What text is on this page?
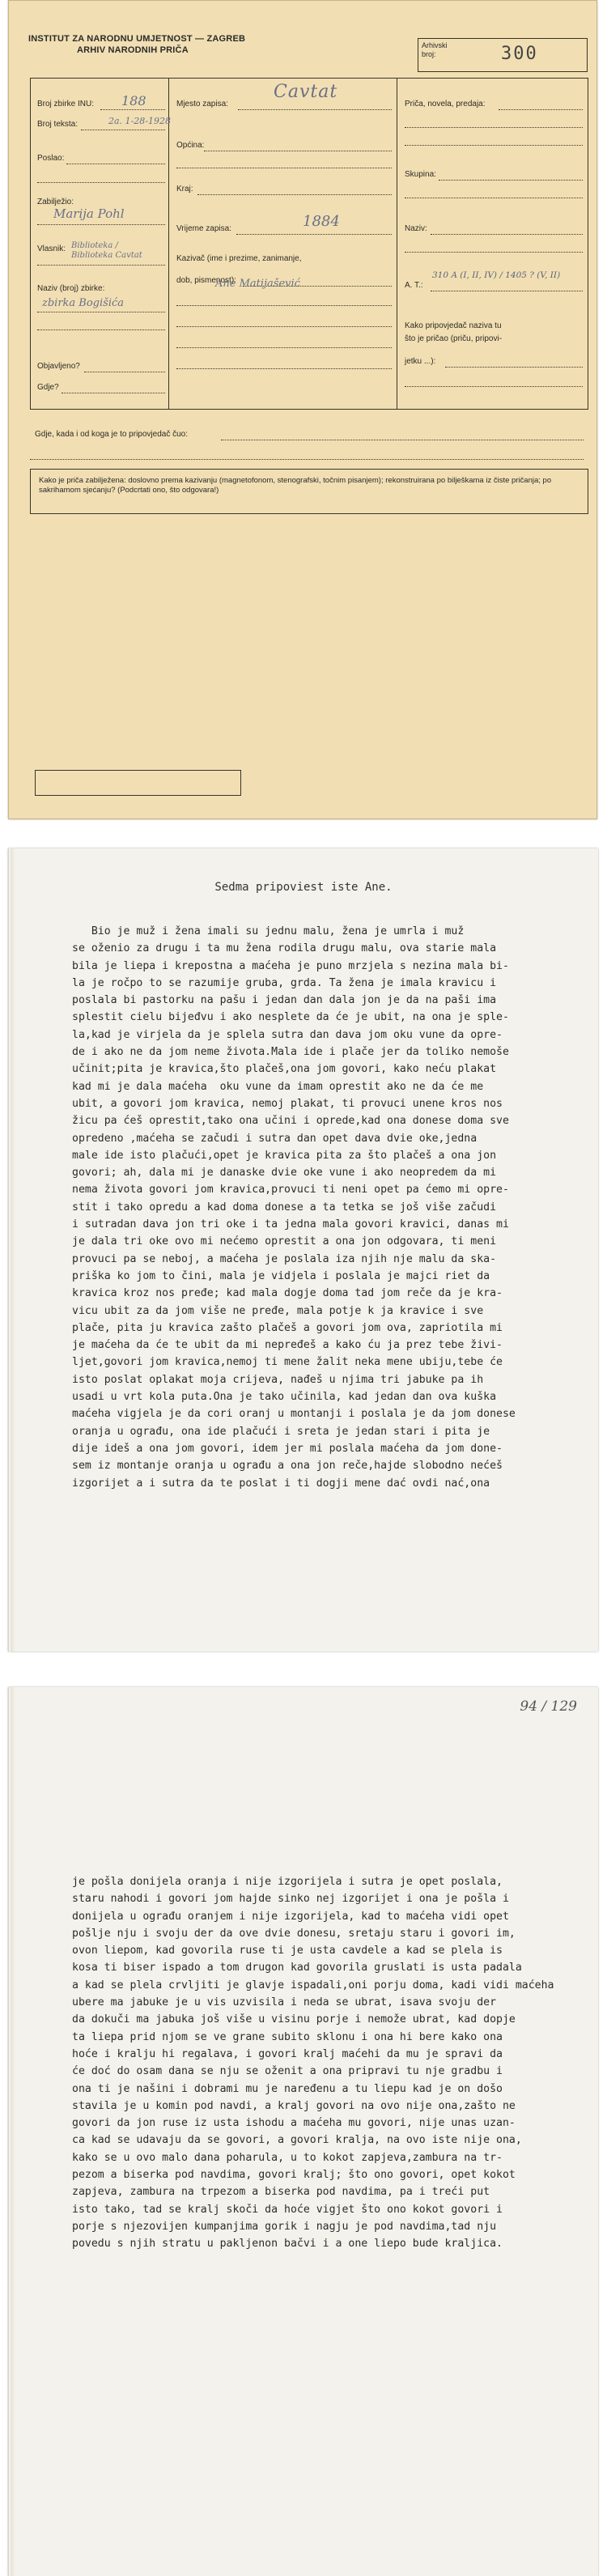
INSTITUT ZA NARODNU UMJETNOST — ZAGREB
ARHIV NARODNIH PRIČA	Arhivski
broj:	300
Broj zbirke INU: 188
Broj teksta:	2a. 1-28-1928
Poslao:
Zabilježio:
Marija Pohl
Vlasnik: Biblioteka / Biblioteka Cavtat
Naziv (broj) zbirke:
zbirka Bogišića
Objavljeno?
Gdje?
Mjesto zapisa:
Cavtat
Općina:
Kraj:
Vrijeme zapisa:	1884
Kazivač (ime i prezime, zanimanje,
dob, pismenost):
Ane Matijašević
Priča, novela, predaja:
Skupina:
Naziv:
A. T.:
310 A (I, II, IV) / 1405 ? (V, II)
Kako pripovjedač naziva tu
što je pričao (priču, pripovi-
jetku ...):
Gdje, kada i od koga je to pripovjedač čuo:
Kako je priča zabilježena: doslovno prema kazivanju (magnetofonom, stenografski, točnim pisanjem); rekonstruirana po bilješkama iz čiste pričanja; po sakrihamom sjećanju? (Podcrtati ono, što odgovara!)
Sedma pripoviest iste Ane.
Bio je muž i žena imali su jednu malu, žena je umrla i muž
se oženio za drugu i ta mu žena rodila drugu malu, ova starie mala
bila je liepa i krepostna a maćeha je puno mrzjela s nezina mala bi-
la je ročpo to se razumije gruba, grda. Ta žena je imala kravicu i
poslala bi pastorku na pašu i jedan dan dala jon je da na paši ima
splestit cielu bijeđvu i ako nesplete da će je ubit, na ona je sple-
la,kad je virjela da je splela sutra dan dava jom oku vune da opre-
de i ako ne da jom neme života.Mala ide i plače jer da toliko nemoše
učinit;pita je kravica,što plačeš,ona jom govori, kako neću plakat
kad mi je dala maćeha  oku vune da imam oprestit ako ne da će me
ubit, a govori jom kravica, nemoj plakat, ti provuci unene kros nos
žicu pa ćeš oprestit,tako ona učini i oprede,kad ona donese doma sve
opredeno ,maćeha se začudi i sutra dan opet dava dvie oke,jedna
male ide isto plačući,opet je kravica pita za što plačeš a ona jon
govori; ah, dala mi je danaske dvie oke vune i ako neopredem da mi
nema života govori jom kravica,provuci ti neni opet pa ćemo mi opre-
stit i tako opredu a kad doma donese a ta tetka se još više začudi
i sutradan dava jon tri oke i ta jedna mala govori kravici, danas mi
je dala tri oke ovo mi nećemo oprestit a ona jon odgovara, ti meni
provuci pa se neboj, a maćeha je poslala iza njih nje malu da ska-
priška ko jom to čini, mala je vidjela i poslala je majci riet da
kravica kroz nos pređe; kad mala dogje doma tad jom reče da je kra-
vicu ubit za da jom više ne pređe, mala potje k ja kravice i sve
plače, pita ju kravica zašto plačeš a govori jom ova, zapriotila mi
je maćeha da će te ubit da mi nepređeš a kako ću ja prez tebe živi-
ljet,govori jom kravica,nemoj ti mene žalit neka mene ubiju,tebe će
isto poslat oplakat moja crijeva, nađeš u njima tri jabuke pa ih
usadi u vrt kola puta.Ona je tako učinila, kad jedan dan ova kuška
maćeha vigjela je da cori oranj u montanji i poslala je da jom donese
oranja u ograđu, ona ide plačući i sreta je jedan stari i pita je
dije ideš a ona jom govori, idem jer mi poslala maćeha da jom done-
sem iz montanje oranja u ograđu a ona jon reče,hajde slobodno nećeš
izgorijet a i sutra da te poslat i ti dogji mene dać ovdi nać,ona
94 / 129
je pošla donijela oranja i nije izgorijela i sutra je opet poslala,
staru nahodi i govori jom hajde sinko nej izgorijet i ona je pošla i
donijela u ograđu oranjem i nije izgorijela, kad to maćeha vidi opet
pošlje nju i svoju der da ove dvie donesu, sretaju staru i govori im,
ovon liepom, kad govorila ruse ti je usta cavdele a kad se plela is
kosa ti biser ispado a tom drugon kad govorila gruslati is usta padala
a kad se plela crvljiti je glavje ispadali,oni porju doma, kadi vidi maćeha
ubere ma jabuke je u vis uzvisila i neda se ubrat, isava svoju der
da dokuči ma jabuka još više u visinu porje i nemože ubrat, kad dopje
ta liepa prid njom se ve grane subito sklonu i ona hi bere kako ona
hoće i kralju hi regalava, i govori kralj maćehi da mu je spravi da
će doć do osam dana se nju se oženit a ona pripravi tu nje gradbu i
ona ti je našini i dobrami mu je naređenu a tu liepu kad je on došo
stavila je u komin pod navdi, a kralj govori na ovo nije ona,zašto ne
govori da jon ruse iz usta ishodu a maćeha mu govori, nije unas uzan-
ca kad se udavaju da se govori, a govori kralja, na ovo iste nije ona,
kako se u ovo malo dana poharula, u to kokot zapjeva,zambura na tr-
pezom a biserka pod navdima, govori kralj; što ono govori, opet kokot
zapjeva, zambura na trpezom a biserka pod navdima, pa i treći put
isto tako, tad se kralj skoči da hoće vigjet što ono kokot govori i
porje s njezovijen kumpanjima gorik i nagju je pod navdima,tad nju
povedu s njih stratu u pakljenon bačvi i a one liepo bude kraljica.
